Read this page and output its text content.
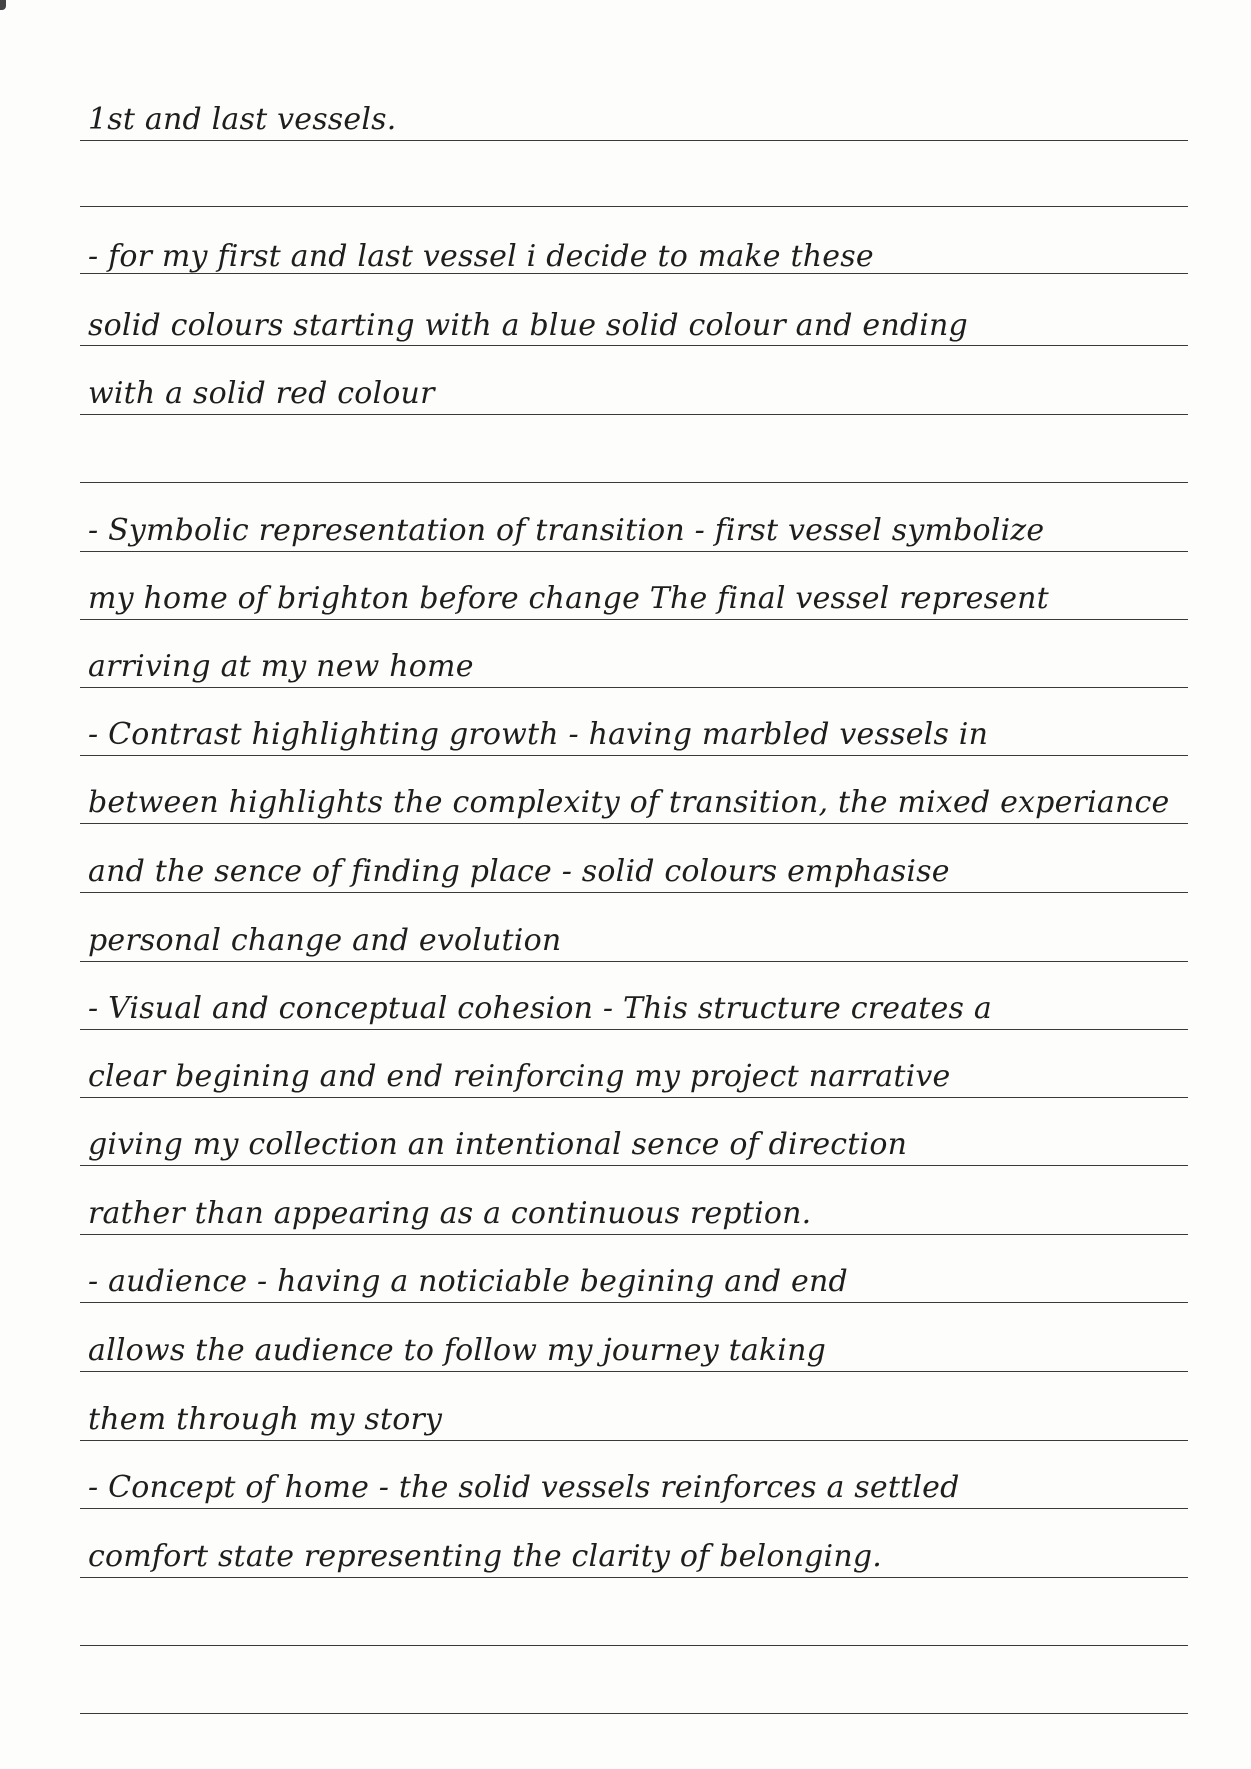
1st and last vessels.

- for my first and last vessel i decide to make these

solid colours starting with a blue solid colour and ending

with a solid red colour

- Symbolic representation of transition - first vessel symbolize

my home of brighton before change The final vessel represent

arriving at my new home

- Contrast highlighting growth - having marbled vessels in

between highlights the complexity of transition, the mixed experiance

and the sence of finding place - solid colours emphasise

personal change and evolution

- Visual and conceptual cohesion - This structure creates a

clear begining and end reinforcing my project narrative

giving my collection an intentional sence of direction

rather than appearing as a continuous reption.

- audience - having a noticiable begining and end

allows the audience to follow my journey taking

them through my story

- Concept of home - the solid vessels reinforces a settled

comfort state representing the clarity of belonging.
